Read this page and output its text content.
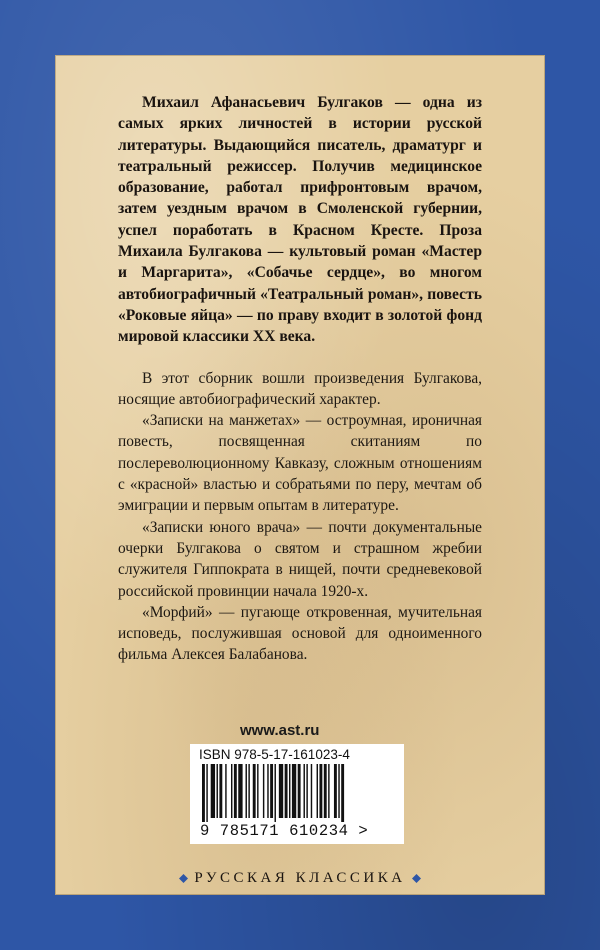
Михаил Афанасьевич Булгаков — одна из самых ярких личностей в истории русской литературы. Выдающийся писатель, драматург и театральный режиссер. Получив медицинское образование, работал прифронтовым врачом, затем уездным врачом в Смоленской губернии, успел поработать в Красном Кресте. Проза Михаила Булгакова — культовый роман «Мастер и Маргарита», «Собачье сердце», во многом автобиографичный «Театральный роман», повесть «Роковые яйца» — по праву входит в золотой фонд мировой классики XX века.

В этот сборник вошли произведения Булгакова, носящие автобиографический характер.

«Записки на манжетах» — остроумная, ироничная повесть, посвященная скитаниям по послереволюционному Кавказу, сложным отношениям с «красной» властью и собратьями по перу, мечтам об эмиграции и первым опытам в литературе.

«Записки юного врача» — почти документальные очерки Булгакова о святом и страшном жребии служителя Гиппократа в нищей, почти средневековой российской провинции начала 1920-х.

«Морфий» — пугающе откровенная, мучительная исповедь, послужившая основой для одноименного фильма Алексея Балабанова.

www.ast.ru
ISBN 978-5-17-161023-4
9 785171 610234 >
РУССКАЯ КЛАССИКА
